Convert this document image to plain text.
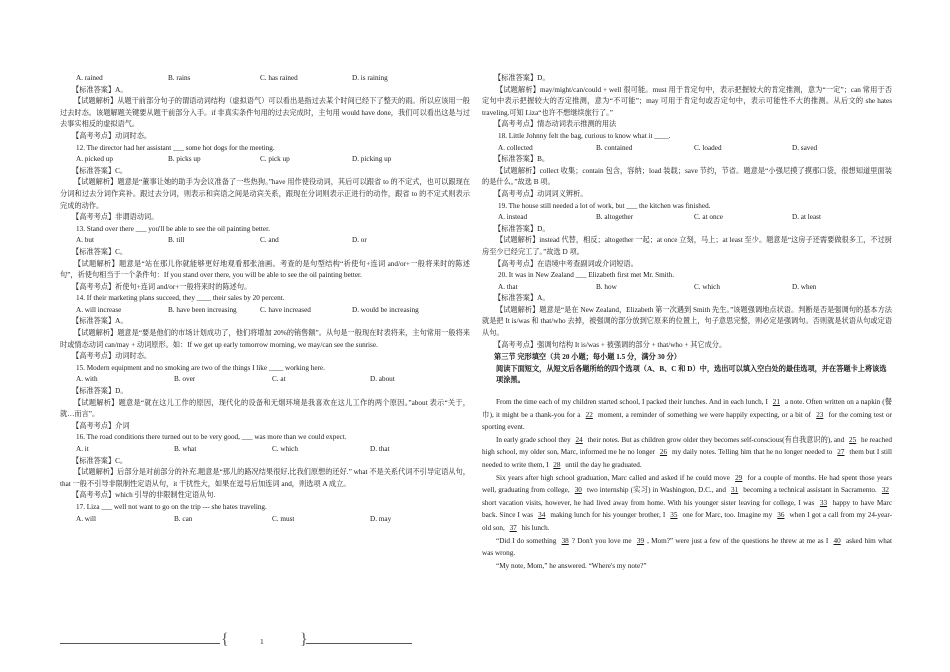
A. rained	B. rains	C. has rained	D. is raining
【标准答案】A。
【试题解析】从题干前部分句子的谓语动词结构（虚拟语气）可以看出是指过去某个时间已经下了整天的雨。所以应该用一般过去时态。该题解题关键要从题干前部分入手。if 非真实条件句用的过去完成时，主句用 would have done，我们可以看出这是与过去事实相反的虚拟语气。
【高考考点】动词时态。
12. The director had her assistant ___ some hot dogs for the meeting.
A. picked up	B. picks up	C. pick up	D. picking up
【标准答案】C。
【试题解析】题意是“董事让她的助手为会议准备了一些热狗。”have 用作使役动词，其后可以跟省 to 的不定式，也可以跟现在分词和过去分词作宾补。跟过去分词，则表示和宾语之间是动宾关系，跟现在分词则表示正进行的动作，跟省 to 的不定式则表示完成的动作。
【高考考点】非谓语动词。
13. Stand over there ___ you'll be able to see the oil painting better.
A. but	B. till	C. and	D. or
【标准答案】C。
【试题解析】题意是“站在那儿你就能够更好地观看那张油画。考查的是句型结构“祈使句+连词 and/or+一般将来时的陈述句”，祈使句相当于一个条件句：If you stand over there, you will be able to see the oil painting better.
【高考考点】祈使句+连词 and/or+一般将来时的陈述句。
14. If their marketing plans succeed, they ____ their sales by 20 percent.
A. will increase	B. have been increasing	C. have increased	D. would be increasing
【标准答案】A。
【试题解析】题意是“要是他们的市场计划成功了，他们将增加 20%的销售额”。从句是一般现在时表将来，主句常用一般将来时或情态动词 can/may + 动词原形。如：If we get up early tomorrow morning, we may/can see the sunrise.
【高考考点】动词时态。
15. Modern equipment and no smoking are two of the things I like ____ working here.
A. with	B. over	C. at	D. about
【标准答案】D。
【试题解析】题意是“就在这儿工作的原因，现代化的设备和无烟环境是我喜欢在这儿工作的两个原因。”about 表示“关于，就…而言”。
【高考考点】介词
16. The road conditions there turned out to be very good, ___ was more than we could expect.
A. it	B. what	C. which	D. that
【标准答案】C。
【试题解析】后部分是对前部分的补充.题意是“那儿的路况结果很好,比我们原想的还好.” what 不是关系代词不引导定语从句，that 一般不引导非限制性定语从句，it 干扰性大，如果在逗号后加连词 and，则选项 A 成立。
【高考考点】which 引导的非限制性定语从句.
17. Liza ___ well not want to go on the trip --- she hates traveling.
A. will	B. can	C. must	D. may
【标准答案】D。
【试题解析】may/might/can/could + well 很可能。must 用于肯定句中，表示把握较大的肯定推测，意为“一定”；can 常用于否定句中表示把握较大的否定推测，意为“不可能”；may 可用于肯定句或否定句中，表示可能性不大的推测。从后文的 she hates traveling.可知 Liza“也许不想继续旅行了。”
【高考考点】情态动词表示推测的用法
18. Little Johnny felt the bag, curious to know what it ____.
A. collected	B. contained	C. loaded	D. saved
【标准答案】B。
【试题解析】collect 收集；contain 包含，容纳；load 装载；save 节约，节省。题意是“小强尼摸了摸那口袋，很想知道里面装的是什么。”故选 B 项。
【高考考点】动词词义辨析。
19. The house still needed a lot of work, but ___ the kitchen was finished.
A. instead	B. altogether	C. at once	D. at least
【标准答案】D。
【试题解析】instead 代替，相反；altogether 一起；at once 立刻，马上；at least 至少。题意是“这房子还需要做很多工，不过厨房至少已经完工了。”故选 D 项。
【高考考点】在语境中考查副词或介词短语。
20. It was in New Zealand ___ Elizabeth first met Mr. Smith.
A. that	B. how	C. which	D. when
【标准答案】A。
【试题解析】题意是“是在 New Zealand，Elizabeth 第一次遇到 Smith 先生。”该题强调地点状语。判断是否是强调句的基本方法就是把 It is/was 和 that/who 去掉，被强调的部分放到它原来的位置上，句子意思完整，则必定是强调句。否则就是状语从句或定语从句。
【高考考点】强调句结构 It is/was + 被强调的部分 + that/who + 其它成分。
第三节 完形填空（共 20 小题；每小题 1.5 分，满分 30 分）
阅读下面短文，从短文后各题所给的四个选项（A、B、C 和 D）中，选出可以填入空白处的最佳选项，并在答题卡上将该选项涂黑。
From the time each of my children started school, I packed their lunches. And in each lunch, I 21 a note. Often written on a napkin (餐巾), it might be a thank-you for a 22 moment, a reminder of something we were happily expecting, or a bit of 23 for the coming test or sporting event.
In early grade school they 24 their notes. But as children grow older they becomes self-conscious(有自我意识的), and 25 he reached high school, my older son, Marc, informed me he no longer 26 my daily notes. Telling him that he no longer needed to 27 them but I still needed to write them, I 28 until the day he graduated.
Six years after high school graduation, Marc called and asked if he could move 29 for a couple of months. He had spent those years well, graduating from college, 30 two internship (实习) in Washington, D.C., and 31 becoming a technical assistant in Sacramento. 32 short vacation visits, however, he had lived away from home. With his younger sister leaving for college, I was 33 happy to have Marc back. Since I was 34 making lunch for his younger brother, I 35 one for Marc, too. Imagine my 36 when I got a call from my 24-year-old son, 37 his lunch.
“Did I do something 38 ? Don't you love me 39 , Mom?” were just a few of the questions he threw at me as I 40 asked him what was wrong.
“My note, Mom,” he answered. “Where's my note?”
{	1 }
